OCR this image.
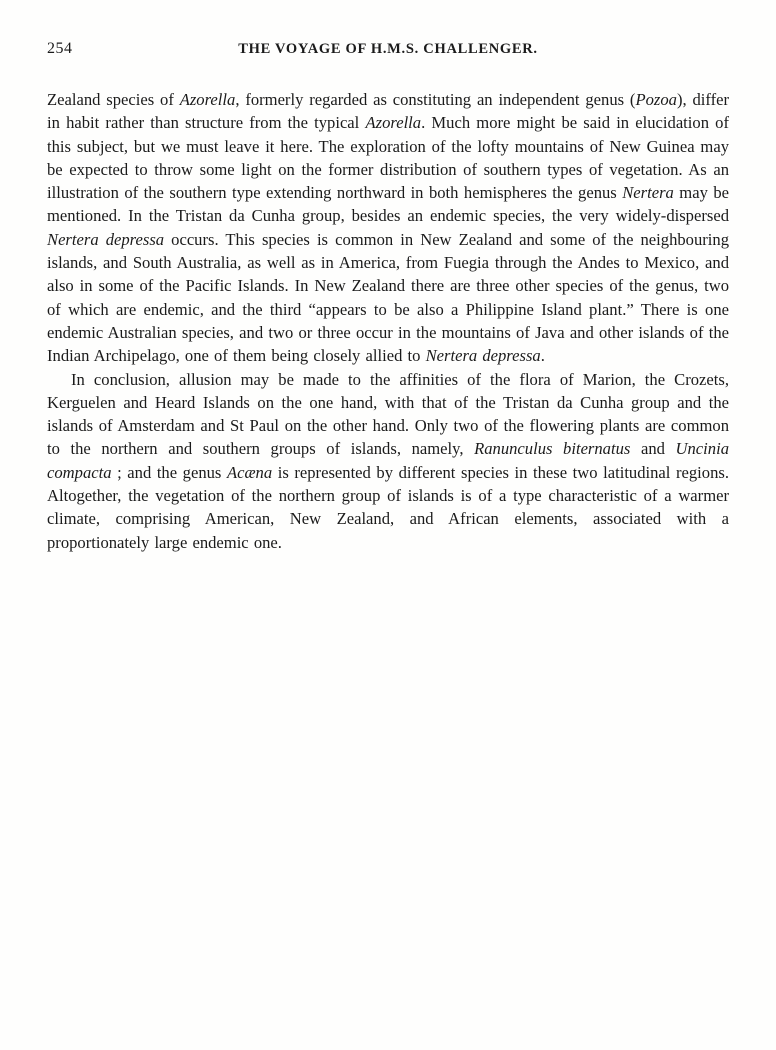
254	THE VOYAGE OF H.M.S. CHALLENGER.

Zealand species of Azorella, formerly regarded as constituting an independent genus (Pozoa), differ in habit rather than structure from the typical Azorella. Much more might be said in elucidation of this subject, but we must leave it here. The exploration of the lofty mountains of New Guinea may be expected to throw some light on the former distribution of southern types of vegetation. As an illustration of the southern type extending northward in both hemispheres the genus Nertera may be mentioned. In the Tristan da Cunha group, besides an endemic species, the very widely-dispersed Nertera depressa occurs. This species is common in New Zealand and some of the neighbouring islands, and South Australia, as well as in America, from Fuegia through the Andes to Mexico, and also in some of the Pacific Islands. In New Zealand there are three other species of the genus, two of which are endemic, and the third “appears to be also a Philippine Island plant.” There is one endemic Australian species, and two or three occur in the mountains of Java and other islands of the Indian Archipelago, one of them being closely allied to Nertera depressa.

In conclusion, allusion may be made to the affinities of the flora of Marion, the Crozets, Kerguelen and Heard Islands on the one hand, with that of the Tristan da Cunha group and the islands of Amsterdam and St Paul on the other hand. Only two of the flowering plants are common to the northern and southern groups of islands, namely, Ranunculus biternatus and Uncinia compacta ; and the genus Acæna is represented by different species in these two latitudinal regions. Altogether, the vegetation of the northern group of islands is of a type characteristic of a warmer climate, comprising American, New Zealand, and African elements, associated with a proportionately large endemic one.
